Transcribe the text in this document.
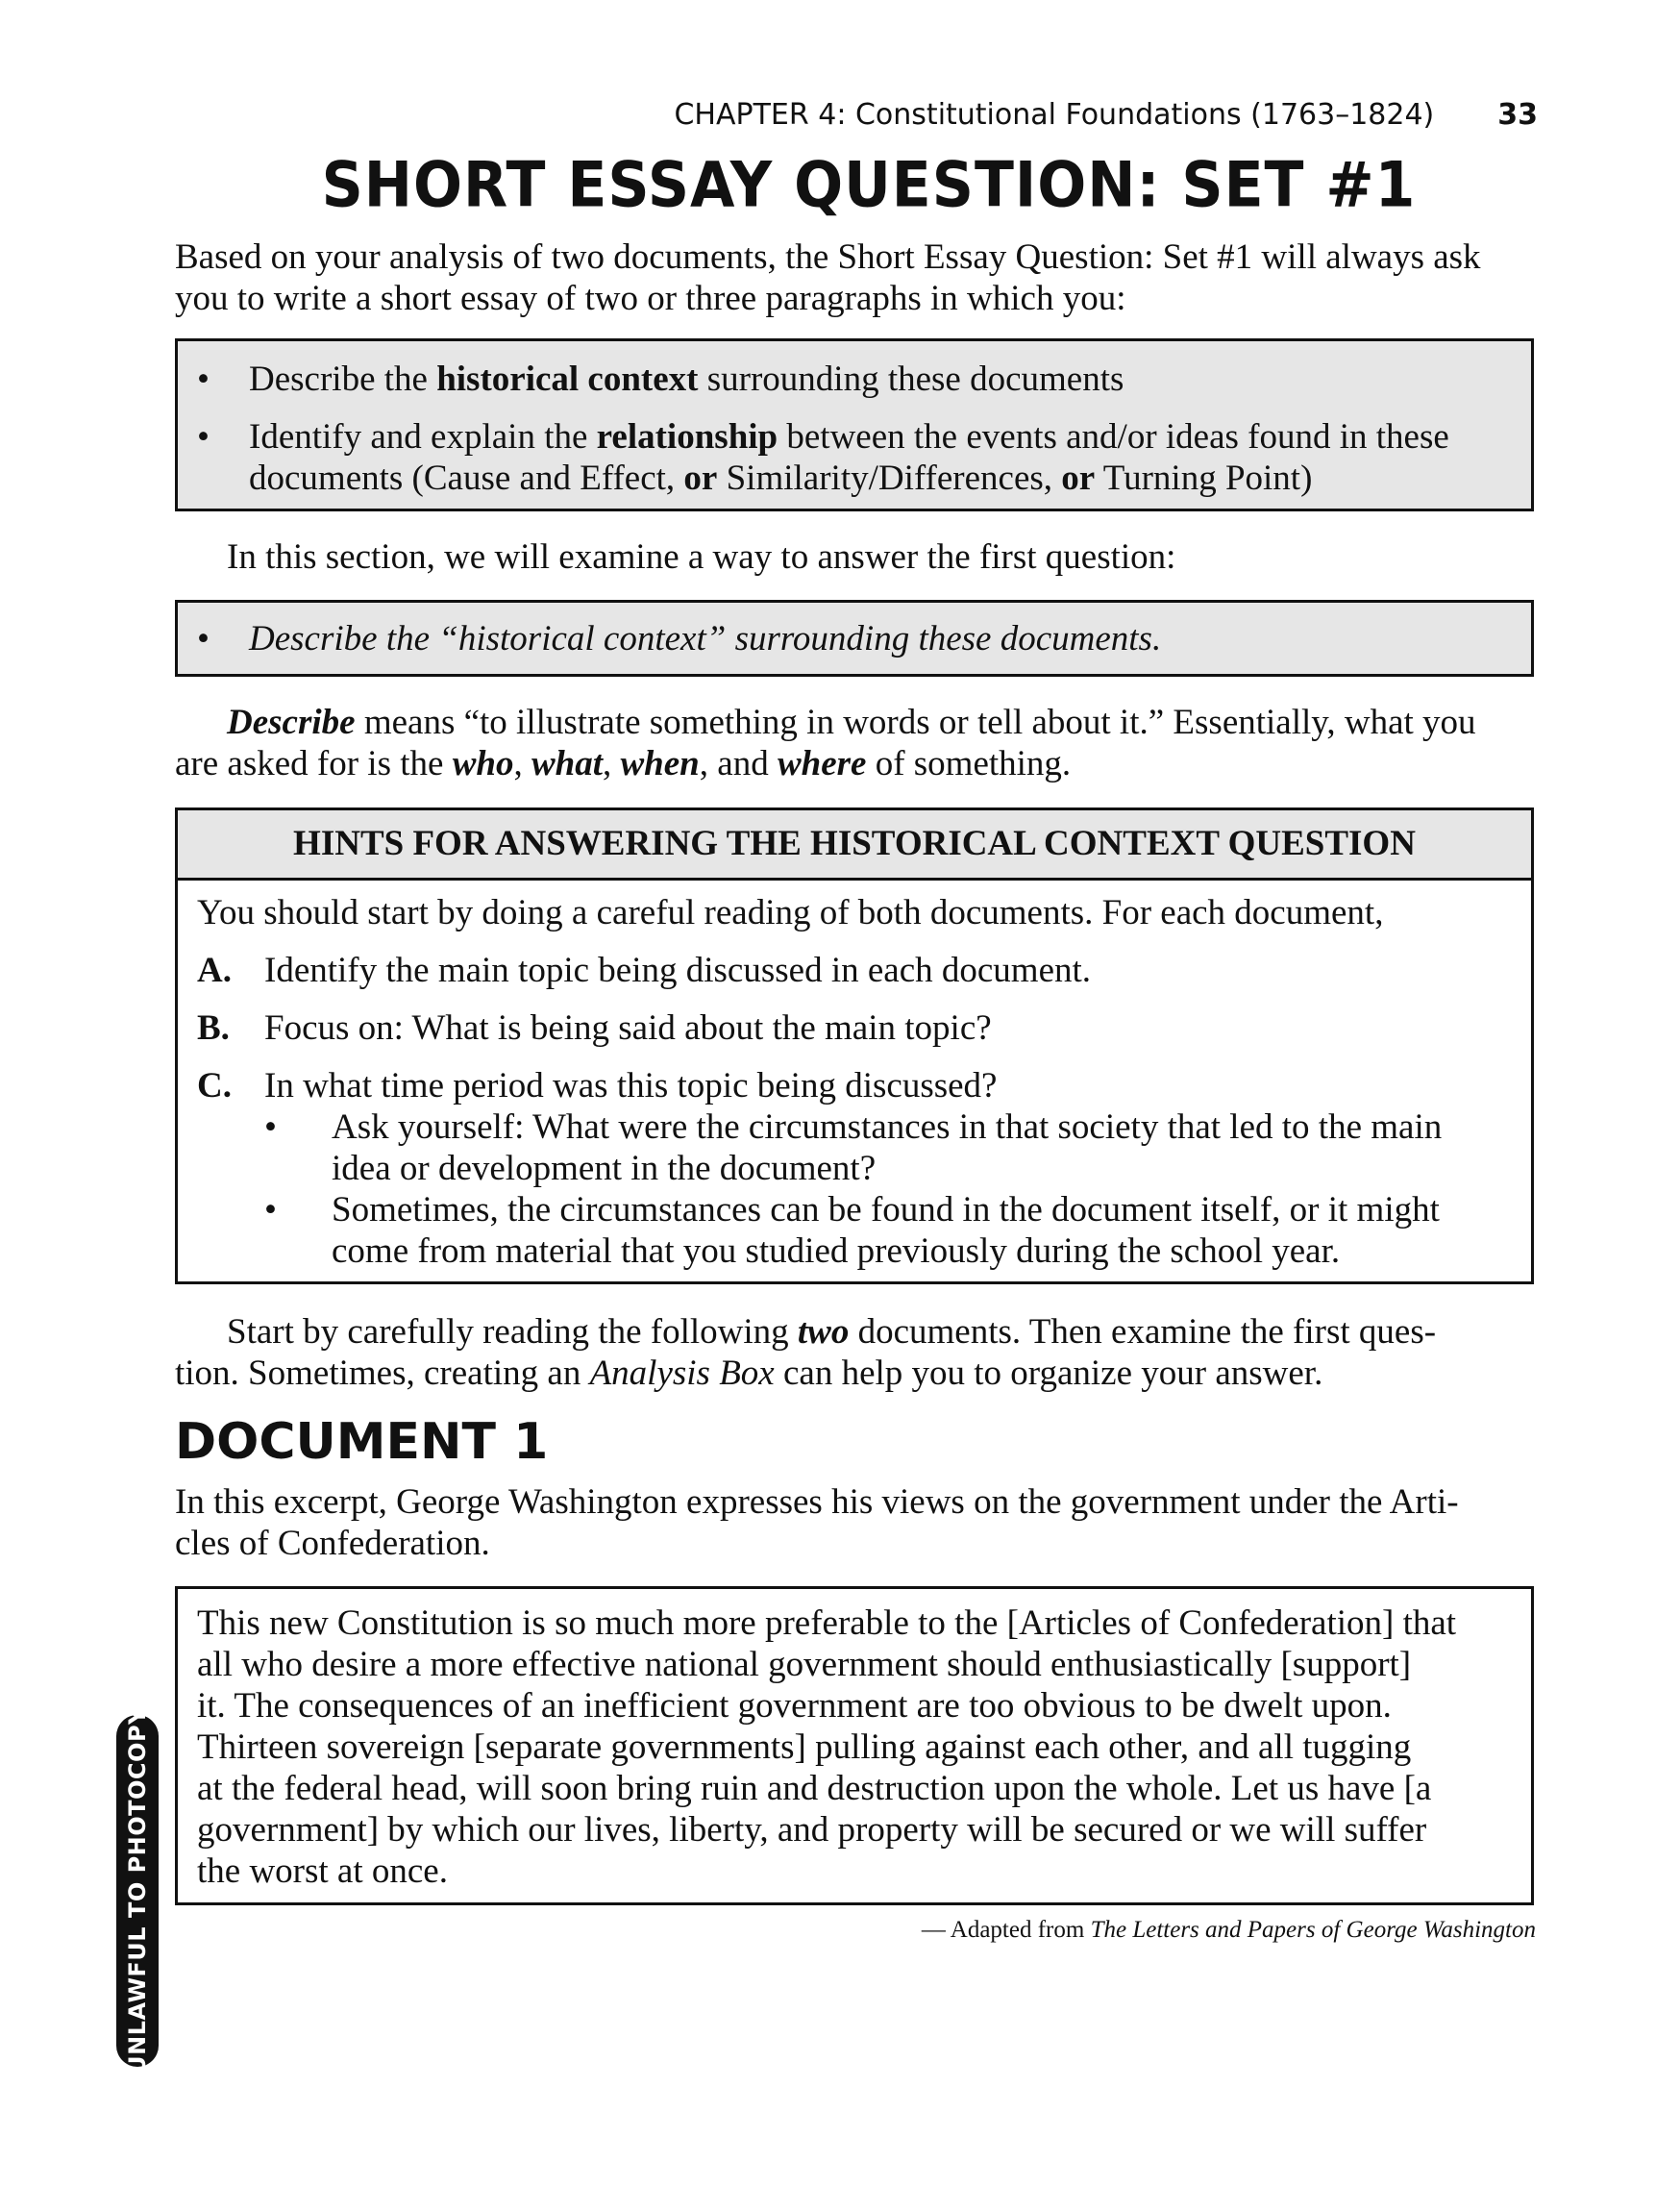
CHAPTER 4: Constitutional Foundations (1763–1824) 33
SHORT ESSAY QUESTION: SET #1
Based on your analysis of two documents, the Short Essay Question: Set #1 will always ask
you to write a short essay of two or three paragraphs in which you:
• Describe the historical context surrounding these documents
• Identify and explain the relationship between the events and/or ideas found in these
documents (Cause and Effect, or Similarity/Differences, or Turning Point)
In this section, we will examine a way to answer the first question:
• Describe the “historical context” surrounding these documents.
Describe means “to illustrate something in words or tell about it.” Essentially, what you
are asked for is the who, what, when, and where of something.
HINTS FOR ANSWERING THE HISTORICAL CONTEXT QUESTION
You should start by doing a careful reading of both documents. For each document,
A. Identify the main topic being discussed in each document.
B. Focus on: What is being said about the main topic?
C. In what time period was this topic being discussed?
• Ask yourself: What were the circumstances in that society that led to the main
idea or development in the document?
• Sometimes, the circumstances can be found in the document itself, or it might
come from material that you studied previously during the school year.
Start by carefully reading the following two documents. Then examine the first ques-
tion. Sometimes, creating an Analysis Box can help you to organize your answer.
DOCUMENT 1
In this excerpt, George Washington expresses his views on the government under the Arti-
cles of Confederation.
This new Constitution is so much more preferable to the [Articles of Confederation] that
all who desire a more effective national government should enthusiastically [support]
it. The consequences of an inefficient government are too obvious to be dwelt upon.
Thirteen sovereign [separate governments] pulling against each other, and all tugging
at the federal head, will soon bring ruin and destruction upon the whole. Let us have [a
government] by which our lives, liberty, and property will be secured or we will suffer
the worst at once.
— Adapted from The Letters and Papers of George Washington
UNLAWFUL TO PHOTOCOPY
